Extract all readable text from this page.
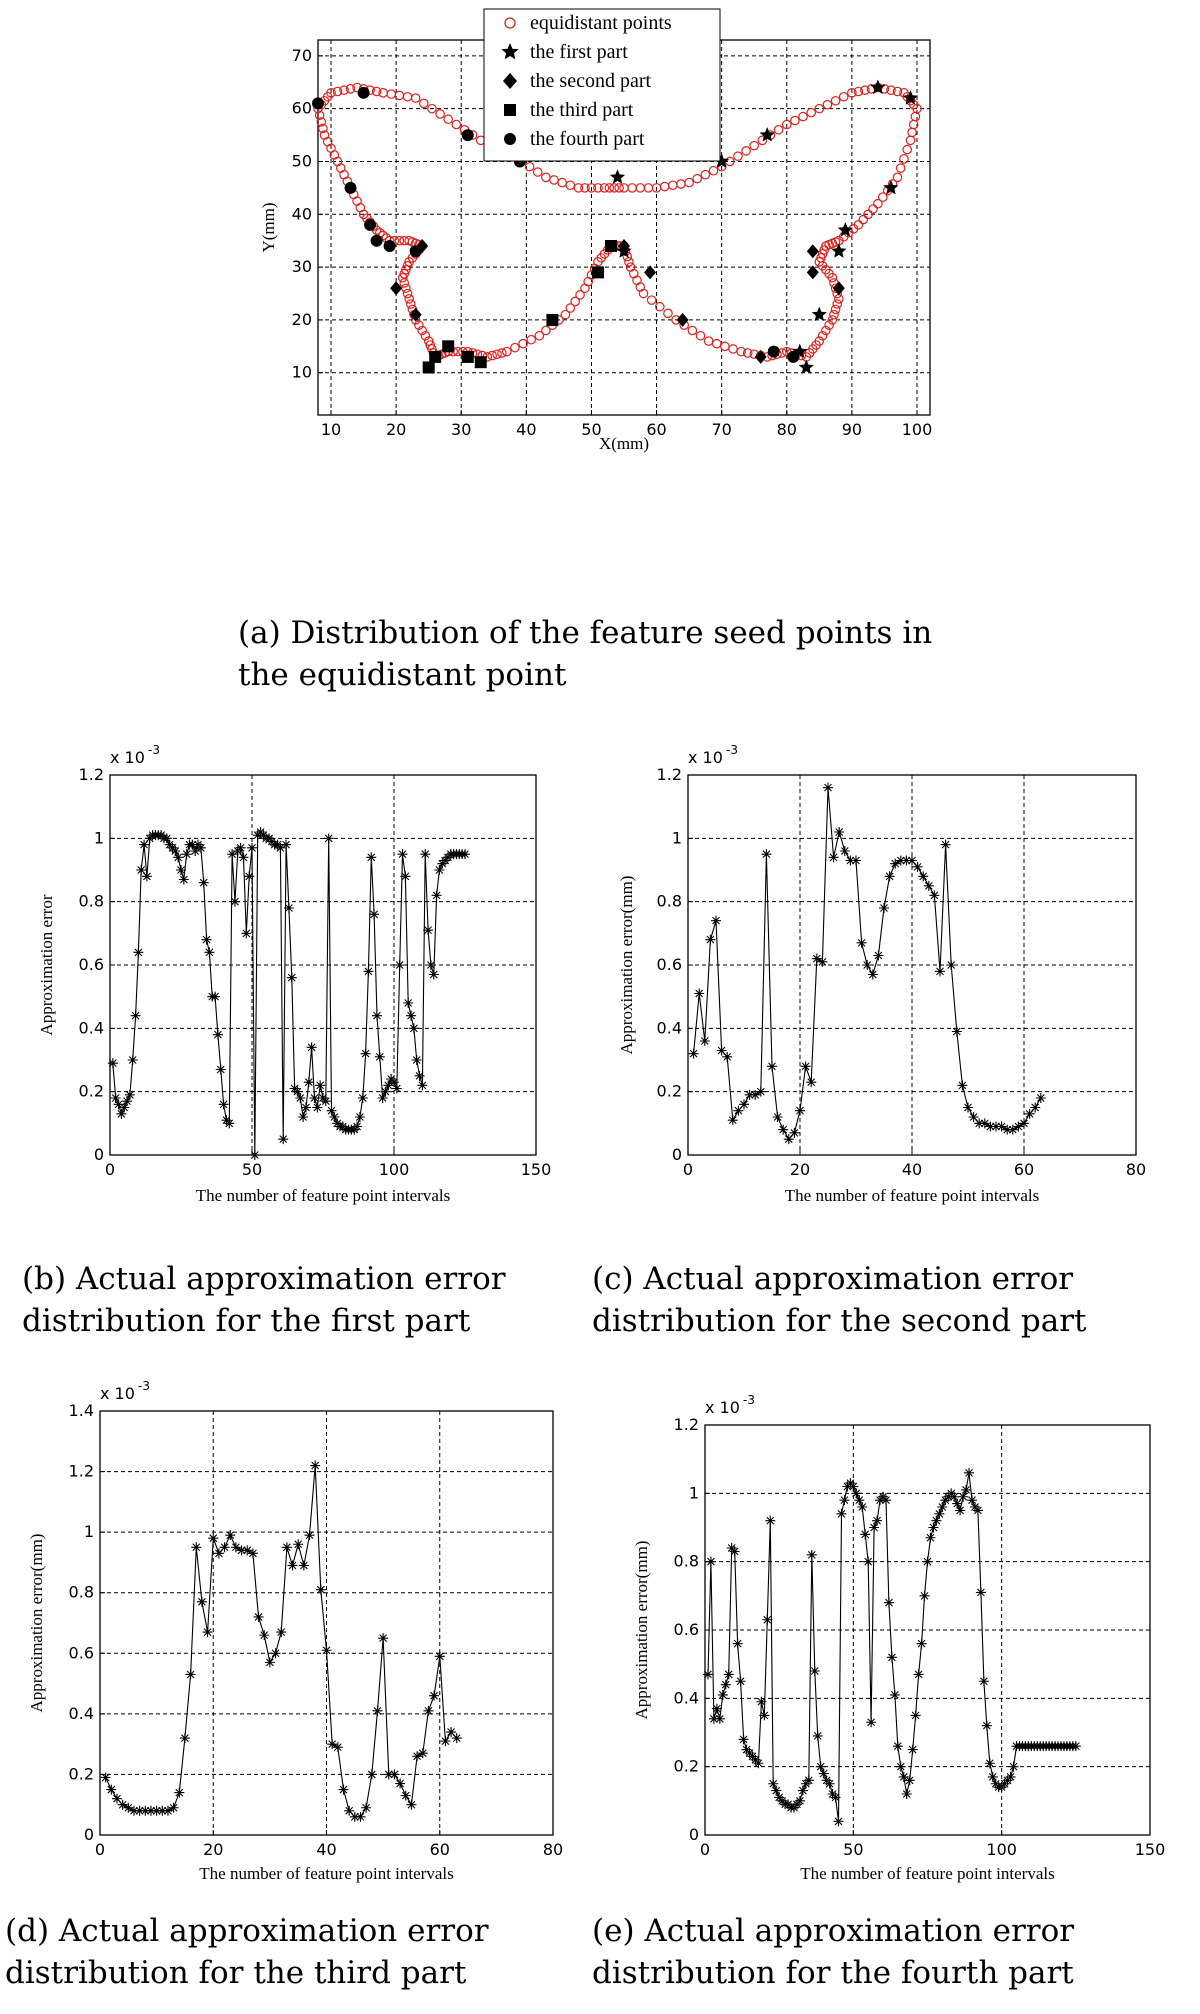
10	20	30	40	50	60	70	80	90 100
10
20
30
40
50
60
70
X(mm)
Y(mm)
equidistant points
the first part
the second part
the third part
the fourth part

(a) Distribution of the feature seed points in the equidistant point

0	50	100	150
0
0.2
0.4
0.6
0.8
1
1.2
The number of feature point intervals
Approximation error
x 10 -3

(b) Actual approximation error distribution for the first part

0	20	40	60	80
0
0.2
0.4
0.6
0.8
1
1.2
The number of feature point intervals
Approximation error(mm)
x 10 -3

(c) Actual approximation error distribution for the second part

0	20	40	60	80
0
0.2
0.4
0.6
0.8
1
1.2
1.4
The number of feature point intervals
Approximation error(mm)
x 10 -3

(d) Actual approximation error distribution for the third part

0	50	100	150
0
0.2
0.4
0.6
0.8
1
1.2
The number of feature point intervals
Approximation error(mm)
x 10 -3

(e) Actual approximation error distribution for the fourth part
